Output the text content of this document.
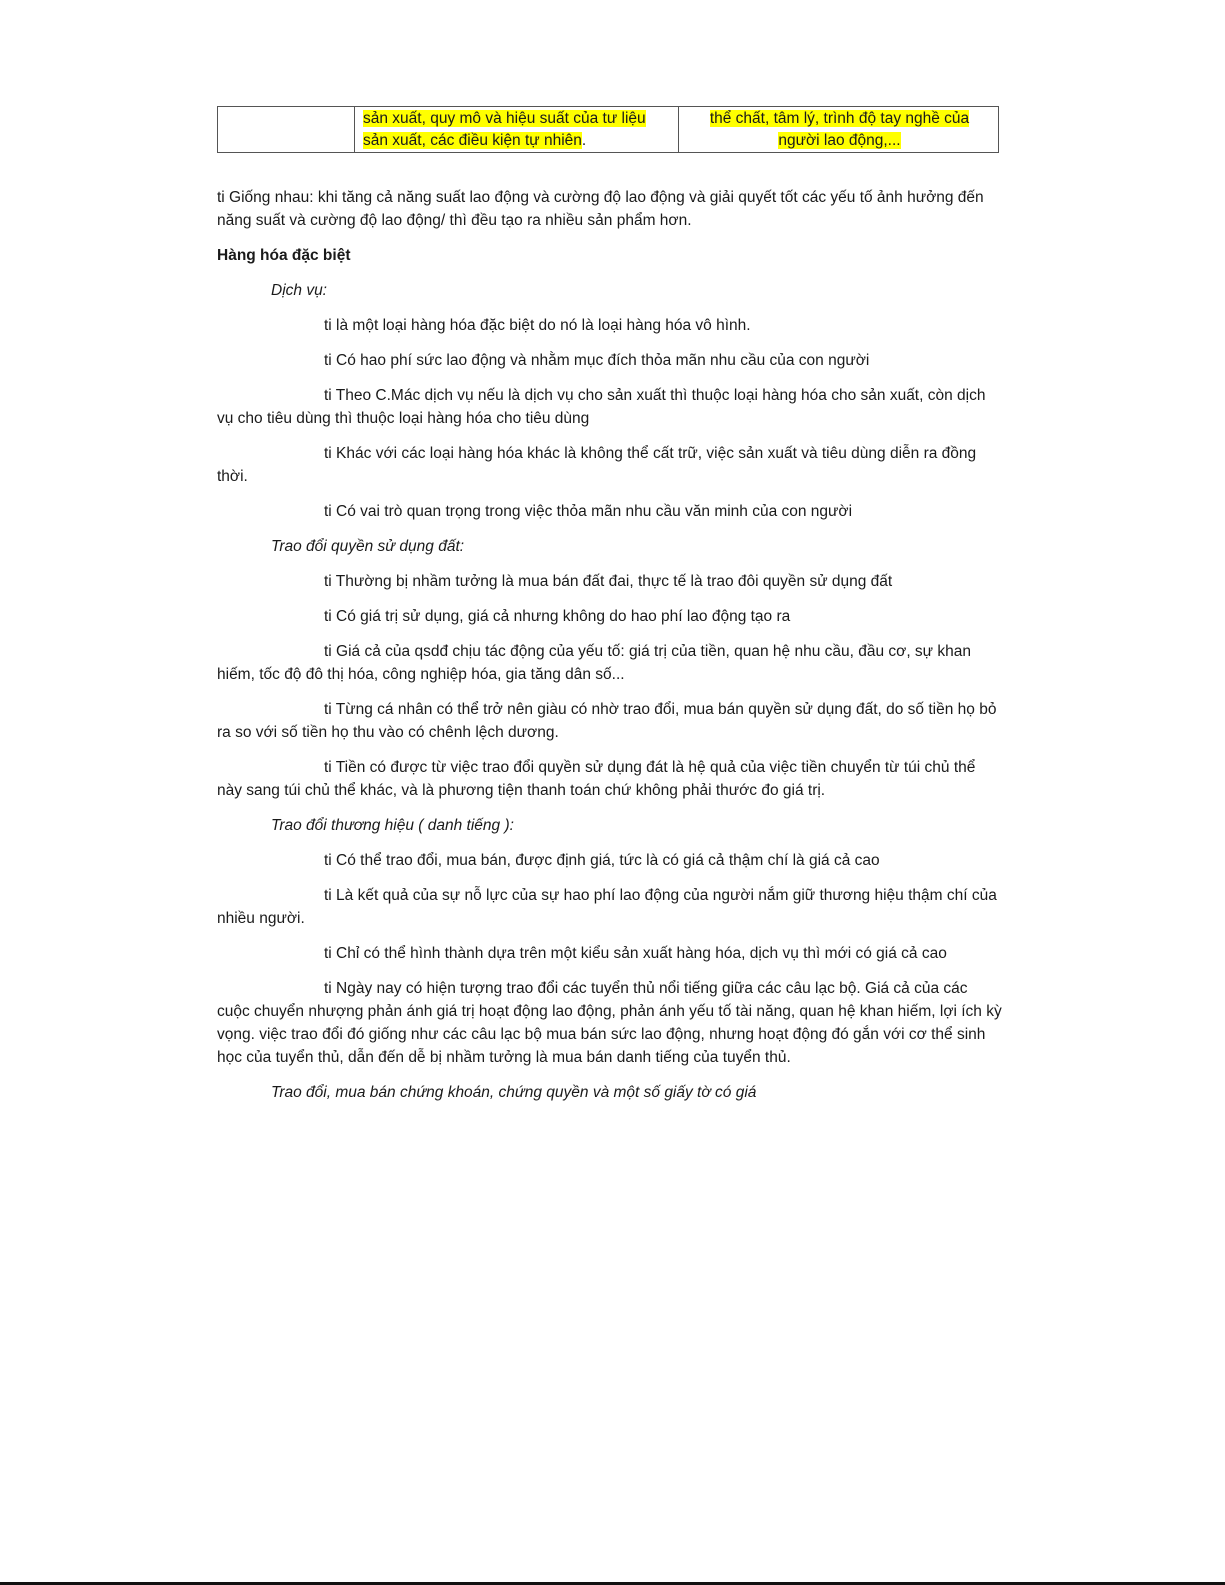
	sản xuất, quy mô và hiệu suất của tư liệu
sản xuất, các điều kiện tự nhiên.	thể chất, tâm lý, trình độ tay nghề của
người lao động,...

ti Giống nhau: khi tăng cả năng suất lao động và cường độ lao động và giải quyết tốt các yếu tố ảnh hưởng đến năng suất và cường độ lao động/ thì đều tạo ra nhiều sản phẩm hơn.

Hàng hóa đặc biệt

Dịch vụ:

ti là một loại hàng hóa đặc biệt do nó là loại hàng hóa vô hình.

ti Có hao phí sức lao động và nhằm mục đích thỏa mãn nhu cầu của con người

ti Theo C.Mác dịch vụ nếu là dịch vụ cho sản xuất thì thuộc loại hàng hóa cho sản xuất, còn dịch vụ cho tiêu dùng thì thuộc loại hàng hóa cho tiêu dùng

ti Khác với các loại hàng hóa khác là không thể cất trữ, việc sản xuất và tiêu dùng diễn ra đồng thời.

ti Có vai trò quan trọng trong việc thỏa mãn nhu cầu văn minh của con người

Trao đổi quyền sử dụng đất:

ti Thường bị nhầm tưởng là mua bán đất đai, thực tế là trao đôi quyền sử dụng đất

ti Có giá trị sử dụng, giá cả nhưng không do hao phí lao động tạo ra

ti Giá cả của qsdđ chịu tác động của yếu tố: giá trị của tiền, quan hệ nhu cầu, đầu cơ, sự khan hiếm, tốc độ đô thị hóa, công nghiệp hóa, gia tăng dân số...

ti Từng cá nhân có thể trở nên giàu có nhờ trao đổi, mua bán quyền sử dụng đất, do số tiền họ bỏ ra so với số tiền họ thu vào có chênh lệch dương.

ti Tiền có được từ việc trao đổi quyền sử dụng đát là hệ quả của việc tiền chuyển từ túi chủ thể này sang túi chủ thể khác, và là phương tiện thanh toán chứ không phải thước đo giá trị.

Trao đổi thương hiệu ( danh tiếng ):

ti Có thể trao đổi, mua bán, được định giá, tức là có giá cả thậm chí là giá cả cao

ti Là kết quả của sự nỗ lực của sự hao phí lao động của người nắm giữ thương hiệu thậm chí của nhiều người.

ti Chỉ có thể hình thành dựa trên một kiểu sản xuất hàng hóa, dịch vụ thì mới có giá cả cao

ti Ngày nay có hiện tượng trao đổi các tuyển thủ nổi tiếng giữa các câu lạc bộ. Giá cả của các cuộc chuyển nhượng phản ánh giá trị hoạt động lao động, phản ánh yếu tố tài năng, quan hệ khan hiếm, lợi ích kỳ vọng. việc trao đổi đó giống như các câu lạc bộ mua bán sức lao động, nhưng hoạt động đó gắn với cơ thể sinh học của tuyển thủ, dẫn đến dễ bị nhầm tưởng là mua bán danh tiếng của tuyển thủ.

Trao đổi, mua bán chứng khoán, chứng quyền và một số giấy tờ có giá
